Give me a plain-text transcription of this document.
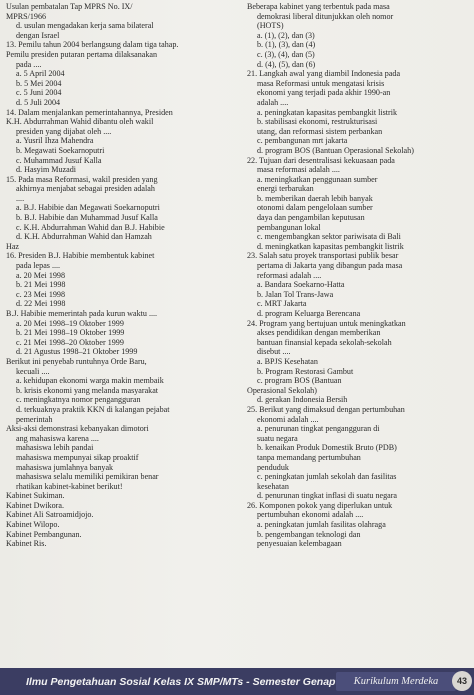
Usulan pembatalan Tap MPRS No. IX/
MPRS/1966
d. usulan mengadakan kerja sama bilateral
dengan Israel
13. Pemilu tahun 2004 berlangsung dalam tiga tahap.
Pemilu presiden putaran pertama dilaksanakan
pada ....
a. 5 April 2004
b. 5 Mei 2004
c. 5 Juni 2004
d. 5 Juli 2004
14. Dalam menjalankan pemerintahannya, Presiden
K.H. Abdurrahman Wahid dibantu oleh wakil
presiden yang dijabat oleh ....
a. Yusril Ihza Mahendra
b. Megawati Soekarnoputri
c. Muhammad Jusuf Kalla
d. Hasyim Muzadi
15. Pada masa Reformasi, wakil presiden yang
akhirnya menjabat sebagai presiden adalah
....
a. B.J. Habibie dan Megawati Soekarnoputri
b. B.J. Habibie dan Muhammad Jusuf Kalla
c. K.H. Abdurrahman Wahid dan B.J. Habibie
d. K.H. Abdurrahman Wahid dan Hamzah
Haz
16. Presiden B.J. Habibie membentuk kabinet
pada lepas ....
a. 20 Mei 1998
b. 21 Mei 1998
c. 23 Mei 1998
d. 22 Mei 1998
B.J. Habibie memerintah pada kurun waktu ....
a. 20 Mei 1998–19 Oktober 1999
b. 21 Mei 1998–19 Oktober 1999
c. 21 Mei 1998–20 Oktober 1999
d. 21 Agustus 1998–21 Oktober 1999
Berikut ini penyebab runtuhnya Orde Baru,
kecuali ....
a. kehidupan ekonomi warga makin membaik
b. krisis ekonomi yang melanda masyarakat
c. meningkatnya nomor pengangguran
d. terkuaknya praktik KKN di kalangan pejabat
pemerintah
Aksi-aksi demonstrasi kebanyakan dimotori
ang mahasiswa karena ....
mahasiswa lebih pandai
mahasiswa mempunyai sikap proaktif
mahasiswa jumlahnya banyak
mahasiswa selalu memiliki pemikiran benar
rhatikan kabinet-kabinet berikut!
Kabinet Sukiman.
Kabinet Dwikora.
Kabinet Ali Satroamidjojo.
Kabinet Wilopo.
Kabinet Pembangunan.
Kabinet Ris.
Beberapa kabinet yang terbentuk pada masa
demokrasi liberal ditunjukkan oleh nomor
(HOTS)
a. (1), (2), dan (3)
b. (1), (3), dan (4)
c. (3), (4), dan (5)
d. (4), (5), dan (6)
21. Langkah awal yang diambil Indonesia pada
masa Reformasi untuk mengatasi krisis
ekonomi yang terjadi pada akhir 1990-an
adalah ....
a. peningkatan kapasitas pembangkit listrik
b. stabilisasi ekonomi, restrukturisasi
utang, dan reformasi sistem perbankan
c. pembangunan mrt jakarta
d. program BOS (Bantuan Operasional Sekolah)
22. Tujuan dari desentralisasi kekuasaan pada
masa reformasi adalah ....
a. meningkatkan penggunaan sumber
energi terbarukan
b. memberikan daerah lebih banyak
otonomi dalam pengelolaan sumber
daya dan pengambilan keputusan
pembangunan lokal
c. mengembangkan sektor pariwisata di Bali
d. meningkatkan kapasitas pembangkit listrik
23. Salah satu proyek transportasi publik besar
pertama di Jakarta yang dibangun pada masa
reformasi adalah ....
a. Bandara Soekarno-Hatta
b. Jalan Tol Trans-Jawa
c. MRT Jakarta
d. program Keluarga Berencana
24. Program yang bertujuan untuk meningkatkan
akses pendidikan dengan memberikan
bantuan finansial kepada sekolah-sekolah
disebut ....
a. BPJS Kesehatan
b. Program Restorasi Gambut
c. program BOS (Bantuan
Operasional Sekolah)
d. gerakan Indonesia Bersih
25. Berikut yang dimaksud dengan pertumbuhan
ekonomi adalah ....
a. penurunan tingkat pengangguran di
suatu negara
b. kenaikan Produk Domestik Bruto (PDB)
tanpa memandang pertumbuhan
penduduk
c. peningkatan jumlah sekolah dan fasilitas
kesehatan
d. penurunan tingkat inflasi di suatu negara
26. Komponen pokok yang diperlukan untuk
pertumbuhan ekonomi adalah ....
a. peningkatan jumlah fasilitas olahraga
b. pengembangan teknologi dan
penyesuaian kelembagaan
Ilmu Pengetahuan Sosial Kelas IX SMP/MTs - Semester Genap	Kurikulum Merdeka	43
